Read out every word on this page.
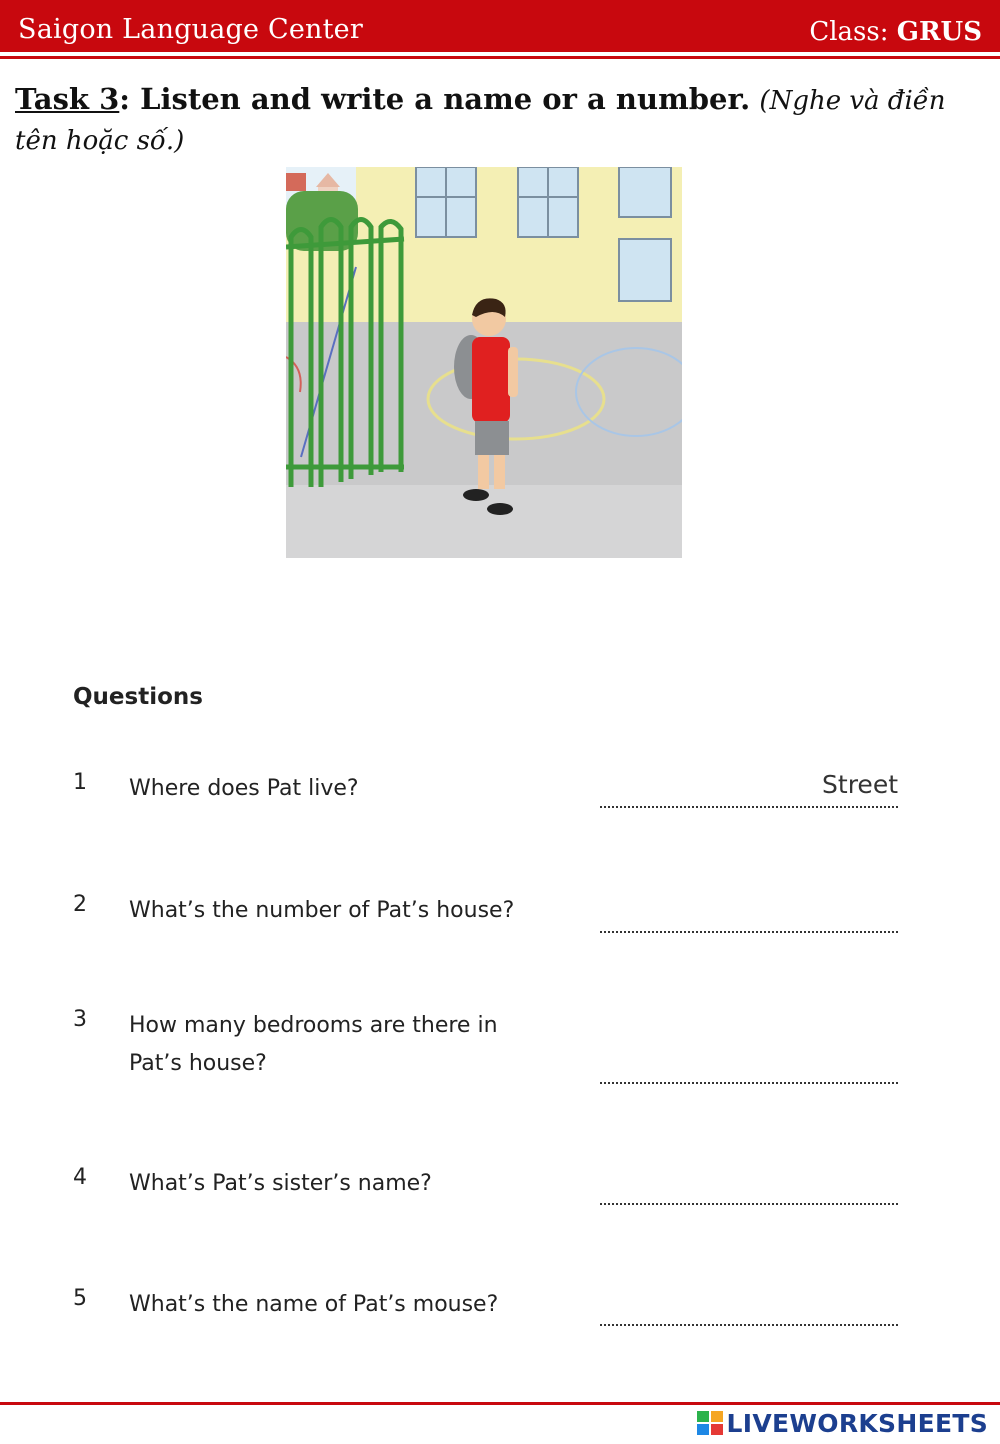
Saigon Language Center	Class: GRUS
Task 3: Listen and write a name or a number. (Nghe và điền tên hoặc số.)
Questions
1 Where does Pat live?	Street
2 What’s the number of Pat’s house?
3 How many bedrooms are there in Pat’s house?
4 What’s Pat’s sister’s name?
5 What’s the name of Pat’s mouse?
LIVEWORKSHEETS
